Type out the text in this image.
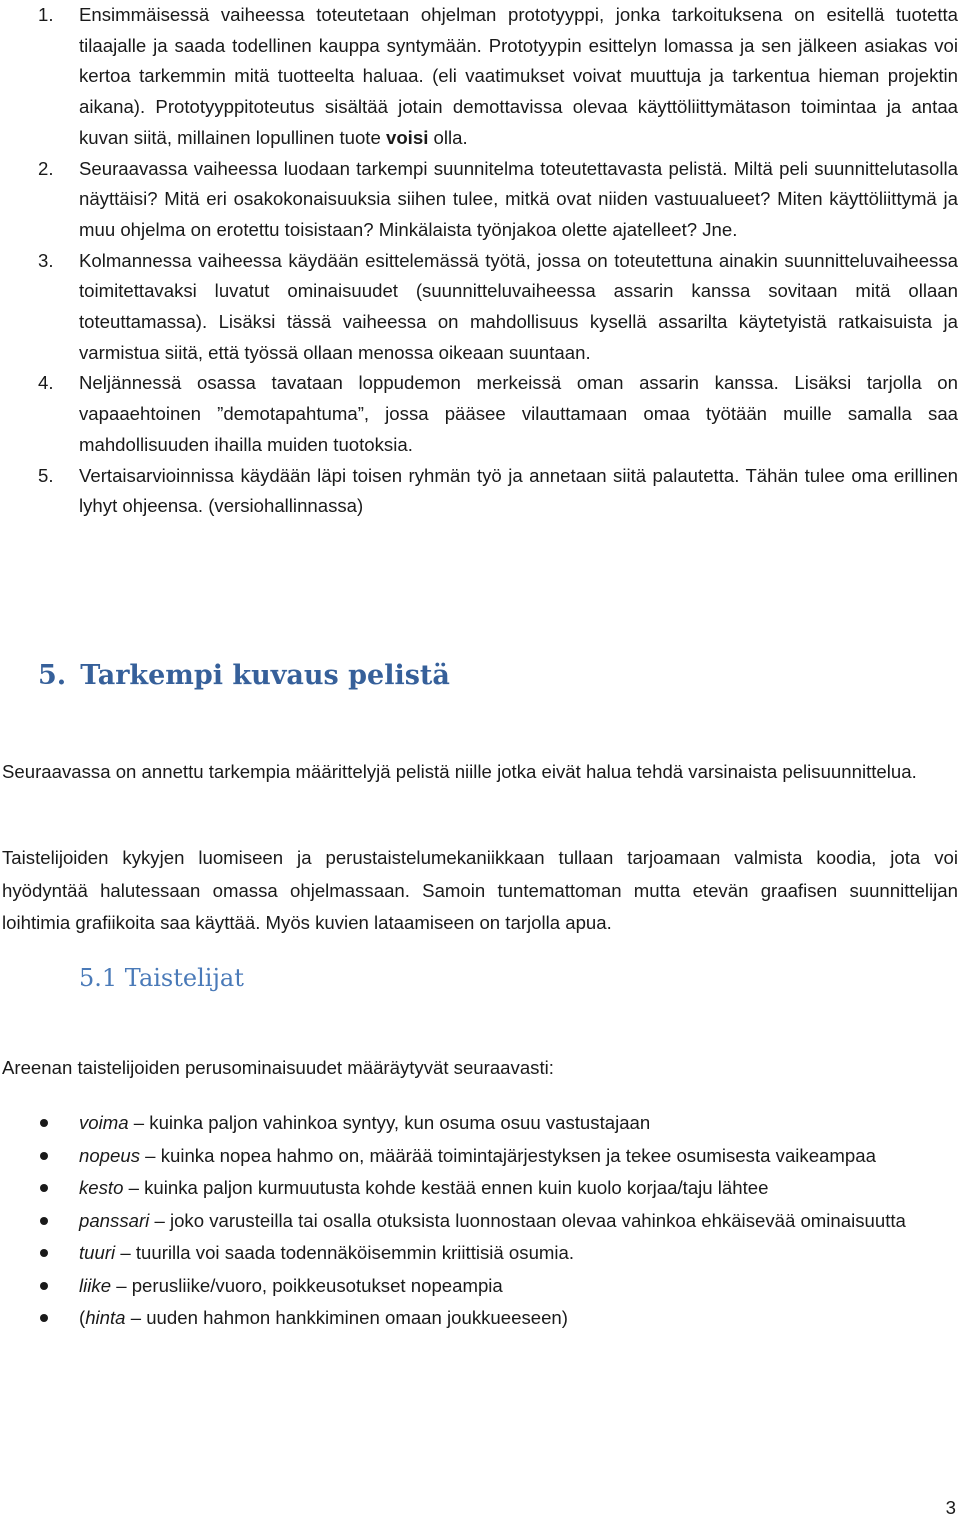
1. Ensimmäisessä vaiheessa toteutetaan ohjelman prototyyppi, jonka tarkoituksena on esitellä tuotetta tilaajalle ja saada todellinen kauppa syntymään. Prototyypin esittelyn lomassa ja sen jälkeen asiakas voi kertoa tarkemmin mitä tuotteelta haluaa. (eli vaatimukset voivat muuttuja ja tarkentua hieman projektin aikana). Prototyyppitoteutus sisältää jotain demottavissa olevaa käyttöliittymätason toimintaa ja antaa kuvan siitä, millainen lopullinen tuote voisi olla.
2. Seuraavassa vaiheessa luodaan tarkempi suunnitelma toteutettavasta pelistä. Miltä peli suunnittelutasolla näyttäisi? Mitä eri osakokonaisuuksia siihen tulee, mitkä ovat niiden vastuualueet? Miten käyttöliittymä ja muu ohjelma on erotettu toisistaan? Minkälaista työnjakoa olette ajatelleet? Jne.
3. Kolmannessa vaiheessa käydään esittelemässä työtä, jossa on toteutettuna ainakin suunnitteluvaiheessa toimitettavaksi luvatut ominaisuudet (suunnitteluvaiheessa assarin kanssa sovitaan mitä ollaan toteuttamassa). Lisäksi tässä vaiheessa on mahdollisuus kysellä assarilta käytetyistä ratkaisuista ja varmistua siitä, että työssä ollaan menossa oikeaan suuntaan.
4. Neljännessä osassa tavataan loppudemon merkeissä oman assarin kanssa. Lisäksi tarjolla on vapaaehtoinen ”demotapahtuma”, jossa pääsee vilauttamaan omaa työtään muille samalla saa mahdollisuuden ihailla muiden tuotoksia.
5. Vertaisarvioinnissa käydään läpi toisen ryhmän työ ja annetaan siitä palautetta. Tähän tulee oma erillinen lyhyt ohjeensa. (versiohallinnassa)
5. Tarkempi kuvaus pelistä

Seuraavassa on annettu tarkempia määrittelyjä pelistä niille jotka eivät halua tehdä varsinaista pelisuunnittelua.

Taistelijoiden kykyjen luomiseen ja perustaistelumekaniikkaan tullaan tarjoamaan valmista koodia, jota voi hyödyntää halutessaan omassa ohjelmassaan. Samoin tuntemattoman mutta etevän graafisen suunnittelijan loihtimia grafiikoita saa käyttää. Myös kuvien lataamiseen on tarjolla apua.

5.1 Taistelijat

Areenan taistelijoiden perusominaisuudet määräytyvät seuraavasti:

voima – kuinka paljon vahinkoa syntyy, kun osuma osuu vastustajaan
nopeus – kuinka nopea hahmo on, määrää toimintajärjestyksen ja tekee osumisesta vaikeampaa
kesto – kuinka paljon kurmuutusta kohde kestää ennen kuin kuolo korjaa/taju lähtee
panssari – joko varusteilla tai osalla otuksista luonnostaan olevaa vahinkoa ehkäisevää ominaisuutta
tuuri – tuurilla voi saada todennäköisemmin kriittisiä osumia.
liike – perusliike/vuoro, poikkeusotukset nopeampia
(hinta – uuden hahmon hankkiminen omaan joukkueeseen)
3
